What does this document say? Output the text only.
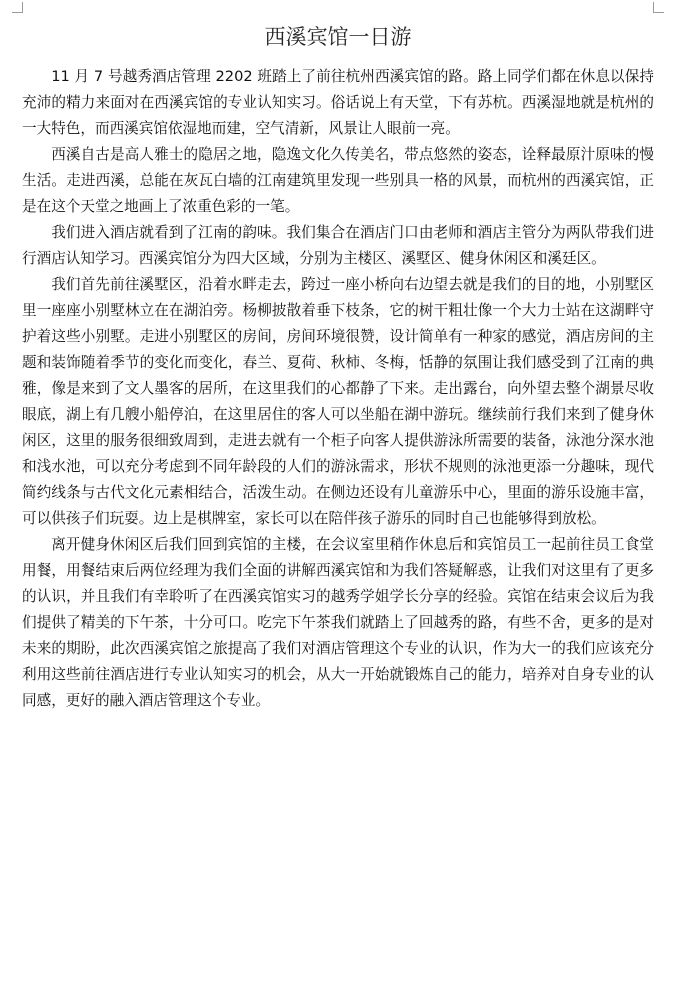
西溪宾馆一日游

11 月 7 号越秀酒店管理 2202 班踏上了前往杭州西溪宾馆的路。路上同学们都在休息以保持充沛的精力来面对在西溪宾馆的专业认知实习。俗话说上有天堂，下有苏杭。西溪湿地就是杭州的一大特色，而西溪宾馆依湿地而建，空气清新，风景让人眼前一亮。

西溪自古是高人雅士的隐居之地，隐逸文化久传美名，带点悠然的姿态，诠释最原汁原味的慢生活。走进西溪，总能在灰瓦白墙的江南建筑里发现一些别具一格的风景，而杭州的西溪宾馆，正是在这个天堂之地画上了浓重色彩的一笔。

我们进入酒店就看到了江南的韵味。我们集合在酒店门口由老师和酒店主管分为两队带我们进行酒店认知学习。西溪宾馆分为四大区域，分别为主楼区、溪墅区、健身休闲区和溪廷区。

我们首先前往溪墅区，沿着水畔走去，跨过一座小桥向右边望去就是我们的目的地，小别墅区里一座座小别墅林立在在湖泊旁。杨柳披散着垂下枝条，它的树干粗壮像一个大力士站在这湖畔守护着这些小别墅。走进小别墅区的房间，房间环境很赞，设计简单有一种家的感觉，酒店房间的主题和装饰随着季节的变化而变化，春兰、夏荷、秋柿、冬梅，恬静的氛围让我们感受到了江南的典雅，像是来到了文人墨客的居所，在这里我们的心都静了下来。走出露台，向外望去整个湖景尽收眼底，湖上有几艘小船停泊，在这里居住的客人可以坐船在湖中游玩。继续前行我们来到了健身休闲区，这里的服务很细致周到，走进去就有一个柜子向客人提供游泳所需要的装备，泳池分深水池和浅水池，可以充分考虑到不同年龄段的人们的游泳需求，形状不规则的泳池更添一分趣味，现代简约线条与古代文化元素相结合，活泼生动。在侧边还设有儿童游乐中心，里面的游乐设施丰富，可以供孩子们玩耍。边上是棋牌室，家长可以在陪伴孩子游乐的同时自己也能够得到放松。

离开健身休闲区后我们回到宾馆的主楼，在会议室里稍作休息后和宾馆员工一起前往员工食堂用餐，用餐结束后两位经理为我们全面的讲解西溪宾馆和为我们答疑解惑，让我们对这里有了更多的认识，并且我们有幸聆听了在西溪宾馆实习的越秀学姐学长分享的经验。宾馆在结束会议后为我们提供了精美的下午茶，十分可口。吃完下午茶我们就踏上了回越秀的路，有些不舍，更多的是对未来的期盼，此次西溪宾馆之旅提高了我们对酒店管理这个专业的认识，作为大一的我们应该充分利用这些前往酒店进行专业认知实习的机会，从大一开始就锻炼自己的能力，培养对自身专业的认同感，更好的融入酒店管理这个专业。
